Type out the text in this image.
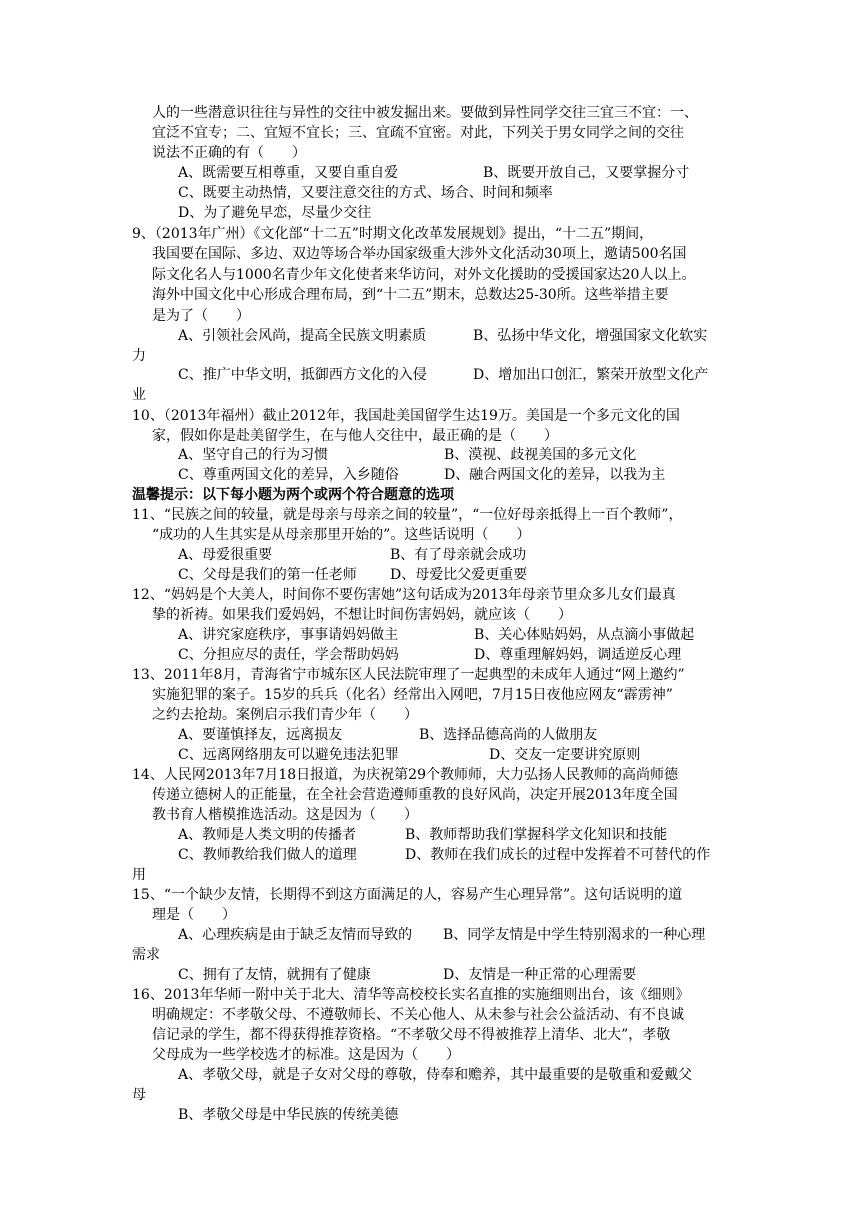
人的一些潜意识往往与异性的交往中被发掘出来。要做到异性同学交往三宜三不宜：一、
宜泛不宜专；二、宜短不宜长；三、宜疏不宜密。对此，下列关于男女同学之间的交往
说法不正确的有（　　）
A、既需要互相尊重，又要自重自爱	B、既要开放自己，又要掌握分寸
C、既要主动热情，又要注意交往的方式、场合、时间和频率
D、为了避免早恋，尽量少交往
9、（2013年广州）《文化部“十二五”时期文化改革发展规划》提出，“十二五”期间，
我国要在国际、多边、双边等场合举办国家级重大涉外文化活动30项上，邀请500名国
际文化名人与1000名青少年文化使者来华访问，对外文化援助的受援国家达20人以上。
海外中国文化中心形成合理布局，到“十二五”期末，总数达25-30所。这些举措主要
是为了（　　）
A、引领社会风尚，提高全民族文明素质	B、弘扬中华文化，增强国家文化软实
力
C、推广中华文明，抵御西方文化的入侵	D、增加出口创汇，繁荣开放型文化产
业
10、（2013年福州）截止2012年，我国赴美国留学生达19万。美国是一个多元文化的国
家，假如你是赴美留学生，在与他人交往中，最正确的是（　　）
A、坚守自己的行为习惯	B、漠视、歧视美国的多元文化
C、尊重两国文化的差异，入乡随俗	D、融合两国文化的差异，以我为主
温馨提示：以下每小题为两个或两个符合题意的选项
11、“民族之间的较量，就是母亲与母亲之间的较量”，“一位好母亲抵得上一百个教师”，
“成功的人生其实是从母亲那里开始的”。这些话说明（　　）
A、母爱很重要	B、有了母亲就会成功
C、父母是我们的第一任老师 D、母爱比父爱更重要
12、“妈妈是个大美人，时间你不要伤害她”这句话成为2013年母亲节里众多儿女们最真
挚的祈祷。如果我们爱妈妈，不想让时间伤害妈妈，就应该（　　）
A、讲究家庭秩序，事事请妈妈做主	B、关心体贴妈妈，从点滴小事做起
C、分担应尽的责任，学会帮助妈妈	D、尊重理解妈妈，调适逆反心理
13、2011年8月，青海省宁市城东区人民法院审理了一起典型的未成年人通过“网上邀约”
实施犯罪的案子。15岁的兵兵（化名）经常出入网吧，7月15日夜他应网友“霹雳神”
之约去抢劫。案例启示我们青少年（　　）
A、要谨慎择友，远离损友	B、选择品德高尚的人做朋友
C、远离网络朋友可以避免违法犯罪	D、交友一定要讲究原则
14、人民网2013年7月18日报道，为庆祝第29个教师师，大力弘扬人民教师的高尚师德
传递立德树人的正能量，在全社会营造遵师重教的良好风尚，决定开展2013年度全国
教书育人楷模推选活动。这是因为（　　）
A、教师是人类文明的传播者	B、教师帮助我们掌握科学文化知识和技能
C、教师教给我们做人的道理	D、教师在我们成长的过程中发挥着不可替代的作
用
15、“一个缺少友情，长期得不到这方面满足的人，容易产生心理异常”。这句话说明的道
理是（　　）
A、心理疾病是由于缺乏友情而导致的 B、同学友情是中学生特别渴求的一种心理
需求
C、拥有了友情，就拥有了健康	D、友情是一种正常的心理需要
16、2013年华师一附中关于北大、清华等高校校长实名直推的实施细则出台，该《细则》
明确规定：不孝敬父母、不遵敬师长、不关心他人、从未参与社会公益活动、有不良诚
信记录的学生，都不得获得推荐资格。“不孝敬父母不得被推荐上清华、北大”，孝敬
父母成为一些学校选才的标准。这是因为（　　）
A、孝敬父母，就是子女对父母的尊敬，侍奉和赡养，其中最重要的是敬重和爱戴父
母
B、孝敬父母是中华民族的传统美德
